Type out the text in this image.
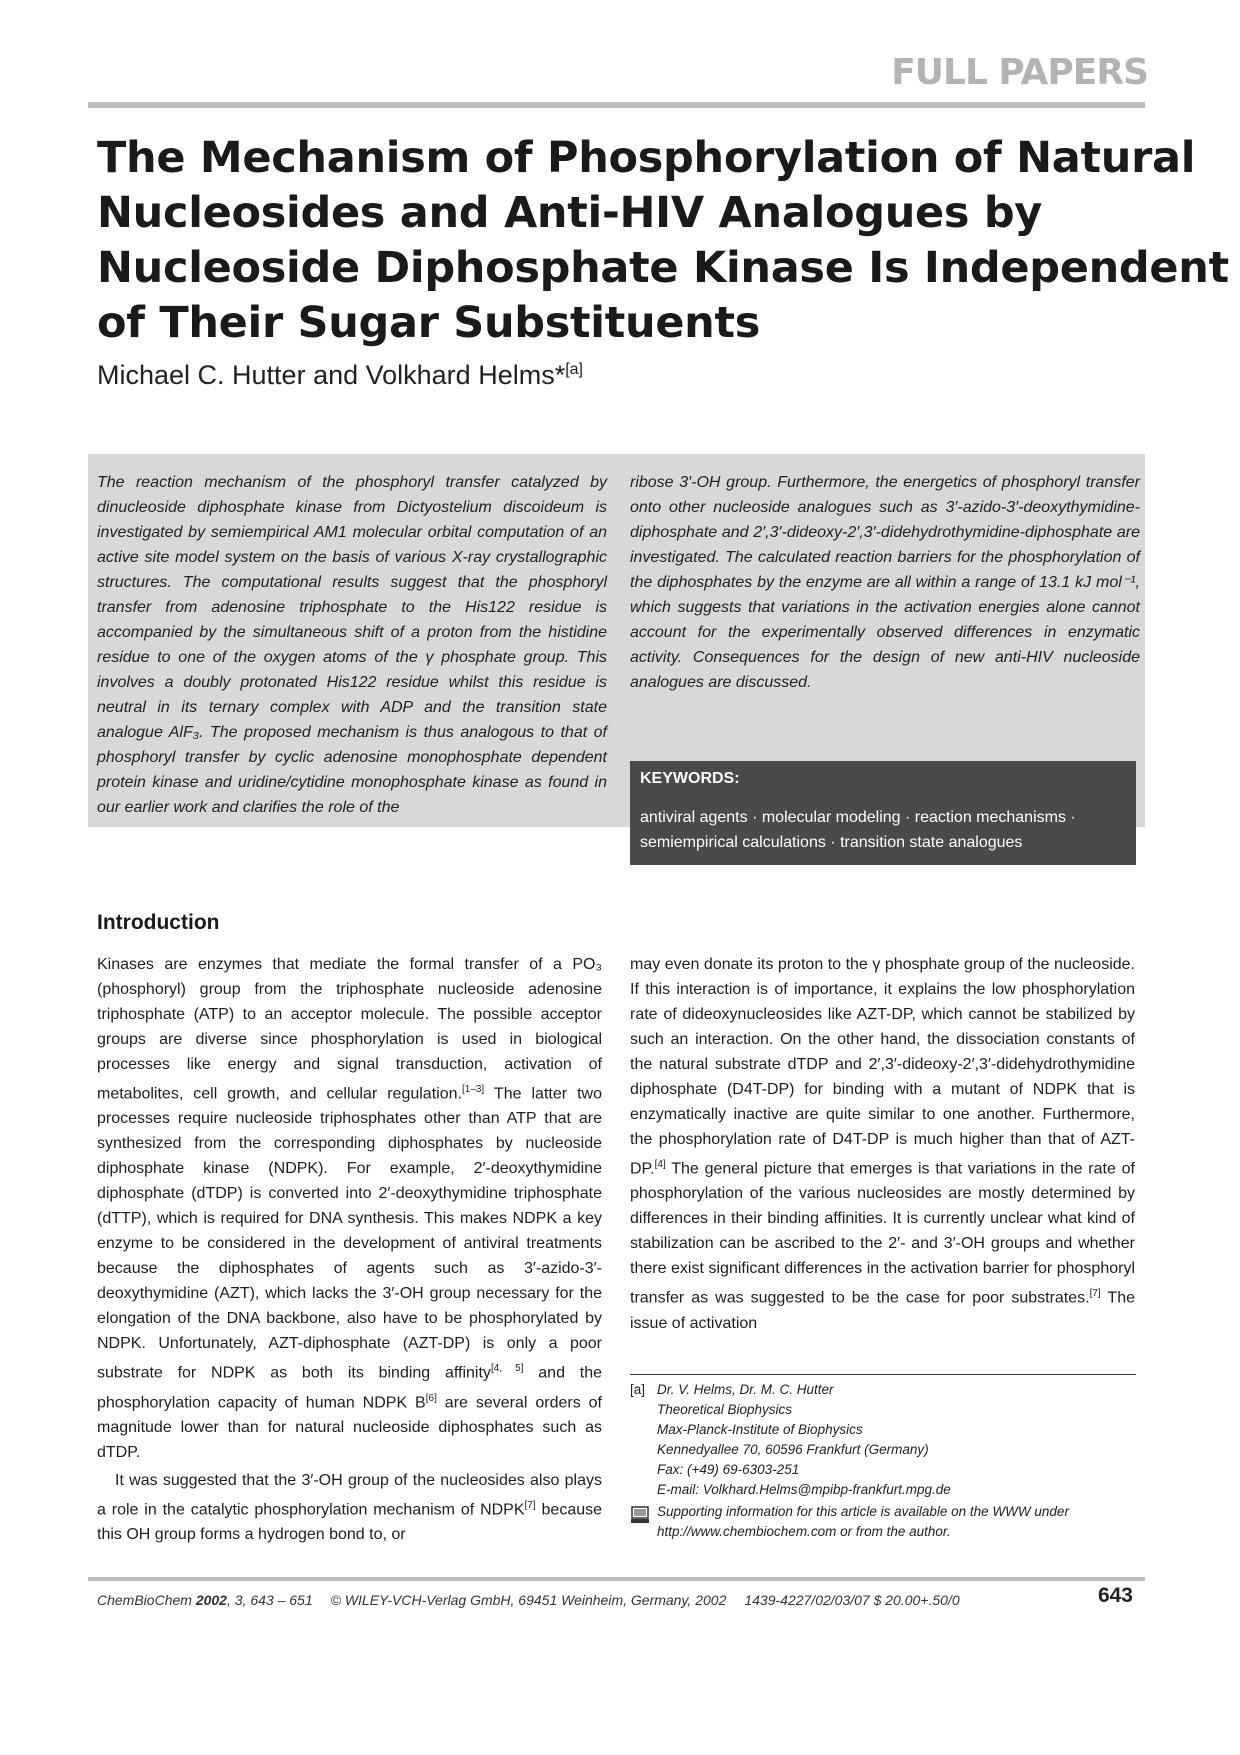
FULL PAPERS
The Mechanism of Phosphorylation of Natural
Nucleosides and Anti-HIV Analogues by
Nucleoside Diphosphate Kinase Is Independent
of Their Sugar Substituents
Michael C. Hutter and Volkhard Helms*[a]

The reaction mechanism of the phosphoryl transfer catalyzed by dinucleoside diphosphate kinase from Dictyostelium discoideum is investigated by semiempirical AM1 molecular orbital computation of an active site model system on the basis of various X-ray crystallographic structures. The computational results suggest that the phosphoryl transfer from adenosine triphosphate to the His122 residue is accompanied by the simultaneous shift of a proton from the histidine residue to one of the oxygen atoms of the γ phosphate group. This involves a doubly protonated His122 residue whilst this residue is neutral in its ternary complex with ADP and the transition state analogue AlF₃. The proposed mechanism is thus analogous to that of phosphoryl transfer by cyclic adenosine monophosphate dependent protein kinase and uridine/cytidine monophosphate kinase as found in our earlier work and clarifies the role of the

ribose 3′-OH group. Furthermore, the energetics of phosphoryl transfer onto other nucleoside analogues such as 3′-azido-3′-deoxythymidine-diphosphate and 2′,3′-dideoxy-2′,3′-didehydrothymidine-diphosphate are investigated. The calculated reaction barriers for the phosphorylation of the diphosphates by the enzyme are all within a range of 13.1 kJ mol⁻¹, which suggests that variations in the activation energies alone cannot account for the experimentally observed differences in enzymatic activity. Consequences for the design of new anti-HIV nucleoside analogues are discussed.

KEYWORDS:
antiviral agents · molecular modeling · reaction mechanisms · semiempirical calculations · transition state analogues
Introduction

Kinases are enzymes that mediate the formal transfer of a PO₃ (phosphoryl) group from the triphosphate nucleoside adenosine triphosphate (ATP) to an acceptor molecule. The possible acceptor groups are diverse since phosphorylation is used in biological processes like energy and signal transduction, activation of metabolites, cell growth, and cellular regulation.[1–3] The latter two processes require nucleoside triphosphates other than ATP that are synthesized from the corresponding diphosphates by nucleoside diphosphate kinase (NDPK). For example, 2′-deoxythymidine diphosphate (dTDP) is converted into 2′-deoxythymidine triphosphate (dTTP), which is required for DNA synthesis. This makes NDPK a key enzyme to be considered in the development of antiviral treatments because the diphosphates of agents such as 3′-azido-3′-deoxythymidine (AZT), which lacks the 3′-OH group necessary for the elongation of the DNA backbone, also have to be phosphorylated by NDPK. Unfortunately, AZT-diphosphate (AZT-DP) is only a poor substrate for NDPK as both its binding affinity[4, 5] and the phosphorylation capacity of human NDPK B[6] are several orders of magnitude lower than for natural nucleoside diphosphates such as dTDP.

It was suggested that the 3′-OH group of the nucleosides also plays a role in the catalytic phosphorylation mechanism of NDPK[7] because this OH group forms a hydrogen bond to, or

may even donate its proton to the γ phosphate group of the nucleoside. If this interaction is of importance, it explains the low phosphorylation rate of dideoxynucleosides like AZT-DP, which cannot be stabilized by such an interaction. On the other hand, the dissociation constants of the natural substrate dTDP and 2′,3′-dideoxy-2′,3′-didehydrothymidine diphosphate (D4T-DP) for binding with a mutant of NDPK that is enzymatically inactive are quite similar to one another. Furthermore, the phosphorylation rate of D4T-DP is much higher than that of AZT-DP.[4] The general picture that emerges is that variations in the rate of phosphorylation of the various nucleosides are mostly determined by differences in their binding affinities. It is currently unclear what kind of stabilization can be ascribed to the 2′- and 3′-OH groups and whether there exist significant differences in the activation barrier for phosphoryl transfer as was suggested to be the case for poor substrates.[7] The issue of activation

[a] Dr. V. Helms, Dr. M. C. Hutter
Theoretical Biophysics
Max-Planck-Institute of Biophysics
Kennedyallee 70, 60596 Frankfurt (Germany)
Fax: (+49) 69-6303-251
E-mail: Volkhard.Helms@mpibp-frankfurt.mpg.de
Supporting information for this article is available on the WWW under http://www.chembiochem.com or from the author.
ChemBioChem 2002, 3, 643 – 651 © WILEY-VCH-Verlag GmbH, 69451 Weinheim, Germany, 2002 1439-4227/02/03/07 $ 20.00+.50/0	643
